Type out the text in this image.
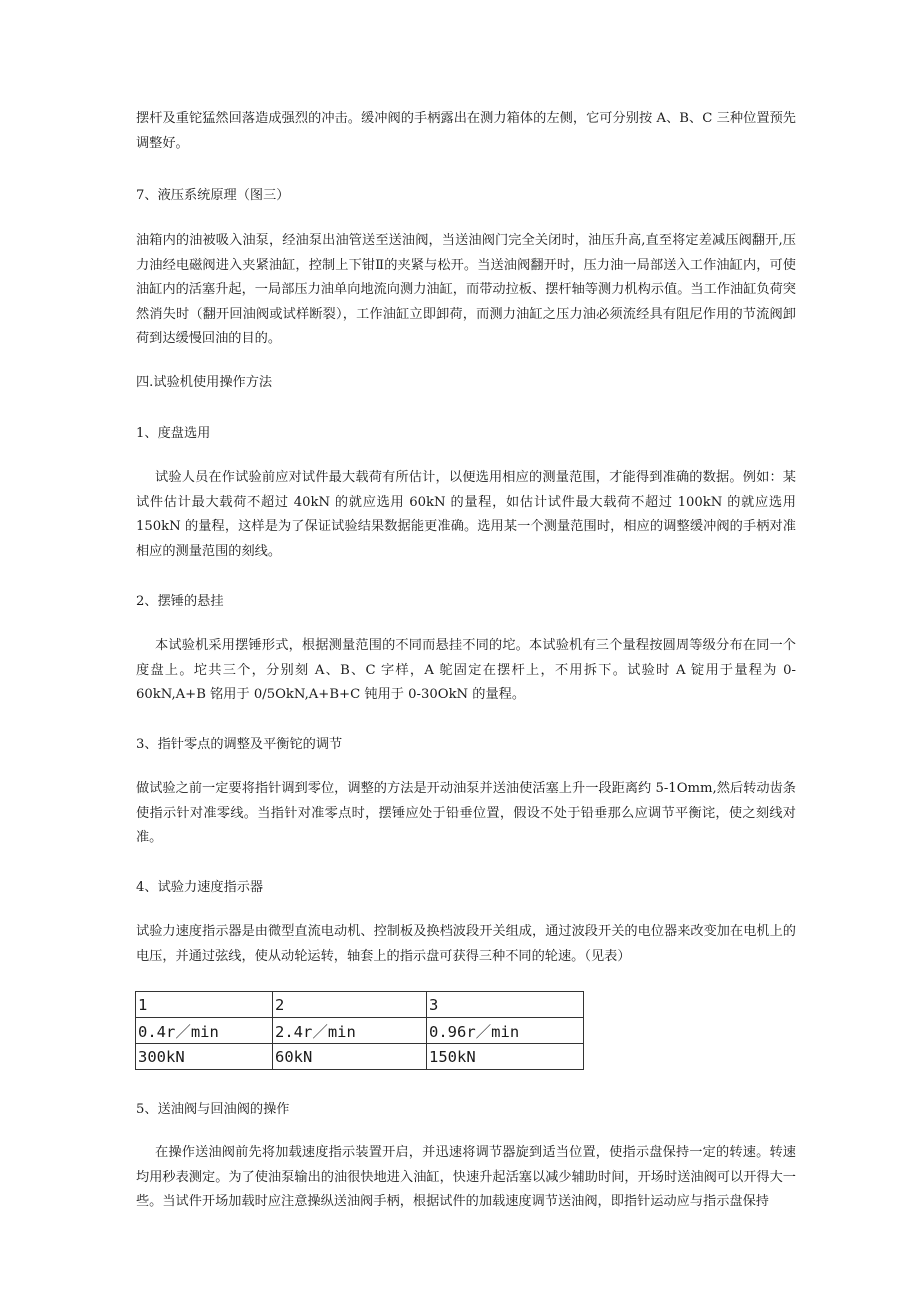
摆杆及重铊猛然回落造成强烈的冲击。缓冲阀的手柄露出在测力箱体的左侧，它可分别按 A、B、C 三种位置预先调整好。

7、液压系统原理（图三）

油箱内的油被吸入油泵，经油泵出油管送至送油阀，当送油阀门完全关闭时，油压升高,直至将定差减压阀翻开,压力油经电磁阀进入夹紧油缸，控制上下钳Ⅱ的夹紧与松开。当送油阀翻开时，压力油一局部送入工作油缸内，可使油缸内的活塞升起，一局部压力油单向地流向测力油缸，而带动拉板、摆杆轴等测力机构示值。当工作油缸负荷突然消失时（翻开回油阀或试样断裂），工作油缸立即卸荷，而测力油缸之压力油必须流经具有阻尼作用的节流阀卸荷到达缓慢回油的目的。

四.试验机使用操作方法

1、度盘选用

试验人员在作试验前应对试件最大载荷有所估计，以便选用相应的测量范围，才能得到准确的数据。例如：某试件估计最大载荷不超过 40kN 的就应选用 60kN 的量程，如估计试件最大载荷不超过 100kN 的就应选用 150kN 的量程，这样是为了保证试验结果数据能更准确。选用某一个测量范围时，相应的调整缓冲阀的手柄对准相应的测量范围的刻线。

2、摆锤的悬挂

本试验机采用摆锤形式，根据测量范围的不同而悬挂不同的坨。本试验机有三个量程按圆周等级分布在同一个度盘上。坨共三个，分别刻 A、B、C 字样，A 鸵固定在摆杆上，不用拆下。试验时 A 锭用于量程为 0-60kN,A+B 铭用于 0/5OkN,A+B+C 钝用于 0-30OkN 的量程。

3、指针零点的调整及平衡铊的调节

做试验之前一定要将指针调到零位，调整的方法是开动油泵并送油使活塞上升一段距离约 5-1Omm,然后转动齿条使指示针对准零线。当指针对准零点时，摆锤应处于铅垂位置，假设不处于铅垂那么应调节平衡诧，使之刻线对准。

4、试验力速度指示器

试验力速度指示器是由微型直流电动机、控制板及换档波段开关组成，通过波段开关的电位器来改变加在电机上的电压，并通过弦线，使从动轮运转，轴套上的指示盘可获得三种不同的轮速。（见表）

1	2	3
0.4r／min	2.4r／min	0.96r／min
300kN	60kN	150kN

5、送油阀与回油阀的操作

在操作送油阀前先将加载速度指示装置开启，并迅速将调节器旋到适当位置，使指示盘保持一定的转速。转速均用秒表测定。为了使油泵输出的油很快地进入油缸，快速升起活塞以减少辅助时间，开场时送油阀可以开得大一些。当试件开场加载时应注意操纵送油阀手柄，根据试件的加载速度调节送油阀，即指针运动应与指示盘保持
